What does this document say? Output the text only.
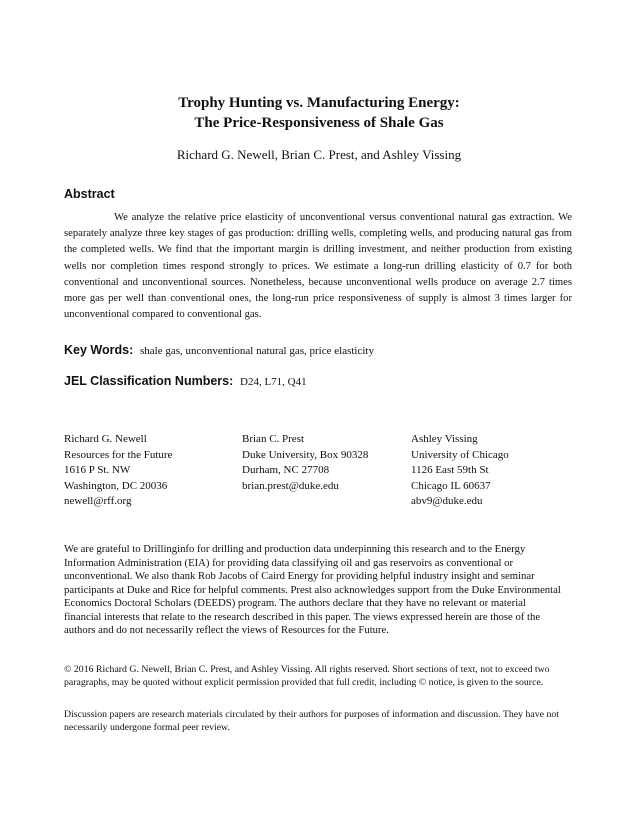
Trophy Hunting vs. Manufacturing Energy:
The Price-Responsiveness of Shale Gas
Richard G. Newell, Brian C. Prest, and Ashley Vissing
Abstract
We analyze the relative price elasticity of unconventional versus conventional natural gas extraction. We separately analyze three key stages of gas production: drilling wells, completing wells, and producing natural gas from the completed wells. We find that the important margin is drilling investment, and neither production from existing wells nor completion times respond strongly to prices. We estimate a long-run drilling elasticity of 0.7 for both conventional and unconventional sources. Nonetheless, because unconventional wells produce on average 2.7 times more gas per well than conventional ones, the long-run price responsiveness of supply is almost 3 times larger for unconventional compared to conventional gas.
Key Words: shale gas, unconventional natural gas, price elasticity
JEL Classification Numbers: D24, L71, Q41
Richard G. Newell
Resources for the Future
1616 P St. NW
Washington, DC 20036
newell@rff.org
Brian C. Prest
Duke University, Box 90328
Durham, NC 27708
brian.prest@duke.edu
Ashley Vissing
University of Chicago
1126 East 59th St
Chicago IL 60637
abv9@duke.edu
We are grateful to Drillinginfo for drilling and production data underpinning this research and to the Energy Information Administration (EIA) for providing data classifying oil and gas reservoirs as conventional or unconventional. We also thank Rob Jacobs of Caird Energy for providing helpful industry insight and seminar participants at Duke and Rice for helpful comments. Prest also acknowledges support from the Duke Environmental Economics Doctoral Scholars (DEEDS) program. The authors declare that they have no relevant or material financial interests that relate to the research described in this paper. The views expressed herein are those of the authors and do not necessarily reflect the views of Resources for the Future.
© 2016 Richard G. Newell, Brian C. Prest, and Ashley Vissing. All rights reserved. Short sections of text, not to exceed two paragraphs, may be quoted without explicit permission provided that full credit, including © notice, is given to the source.
Discussion papers are research materials circulated by their authors for purposes of information and discussion. They have not necessarily undergone formal peer review.
